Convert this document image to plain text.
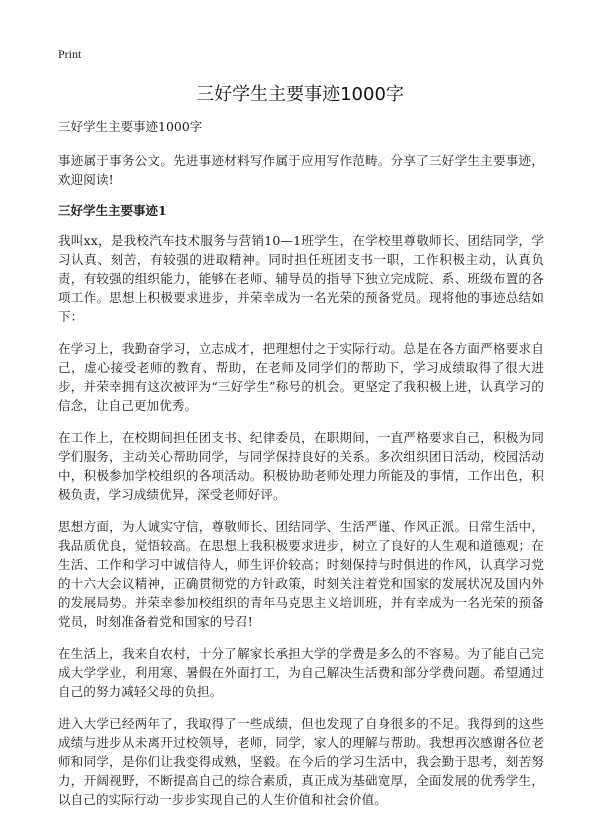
Print
三好学生主要事迹1000字
三好学生主要事迹1000字

事迹属于事务公文。先进事迹材料写作属于应用写作范畴。分享了三好学生主要事迹，欢迎阅读!

三好学生主要事迹1

我叫xx，是我校汽车技术服务与营销10—1班学生，在学校里尊敬师长、团结同学，学习认真、刻苦，有较强的进取精神。同时担任班团支书一职，工作积极主动，认真负责，有较强的组织能力，能够在老师、辅导员的指导下独立完成院、系、班级布置的各项工作。思想上积极要求进步，并荣幸成为一名光荣的预备党员。现将他的事迹总结如下：

在学习上，我勤奋学习，立志成才，把理想付之于实际行动。总是在各方面严格要求自己，虚心接受老师的教育、帮助，在老师及同学们的帮助下，学习成绩取得了很大进步，并荣幸拥有这次被评为“三好学生”称号的机会。更坚定了我积极上进，认真学习的信念，让自己更加优秀。

在工作上，在校期间担任团支书、纪律委员，在职期间，一直严格要求自己，积极为同学们服务，主动关心帮助同学，与同学保持良好的关系。多次组织团日活动，校园活动中，积极参加学校组织的各项活动。积极协助老师处理力所能及的事情，工作出色，积极负责，学习成绩优异，深受老师好评。

思想方面，为人诚实守信，尊敬师长、团结同学、生活严谨、作风正派。日常生活中，我品质优良，觉悟较高。在思想上我积极要求进步，树立了良好的人生观和道德观；在生活、工作和学习中诚信待人，师生评价较高；时刻保持与时俱进的作风，认真学习党的十六大会议精神，正确贯彻党的方针政策，时刻关注着党和国家的发展状况及国内外的发展局势。并荣幸参加校组织的青年马克思主义培训班，并有幸成为一名光荣的预备党员，时刻准备着党和国家的号召!

在生活上，我来自农村，十分了解家长承担大学的学费是多么的不容易。为了能自己完成大学学业，利用寒、暑假在外面打工，为自己解决生活费和部分学费问题。希望通过自己的努力减轻父母的负担。

进入大学已经两年了，我取得了一些成绩，但也发现了自身很多的不足。我得到的这些成绩与进步从未离开过校领导，老师，同学，家人的理解与帮助。我想再次感谢各位老师和同学，是你们让我变得成熟，坚毅。在今后的学习生活中，我会勤于思考，刻苦努力，开阔视野，不断提高自己的综合素质，真正成为基础宽厚，全面发展的优秀学生，以自己的实际行动一步步实现自己的人生价值和社会价值。
